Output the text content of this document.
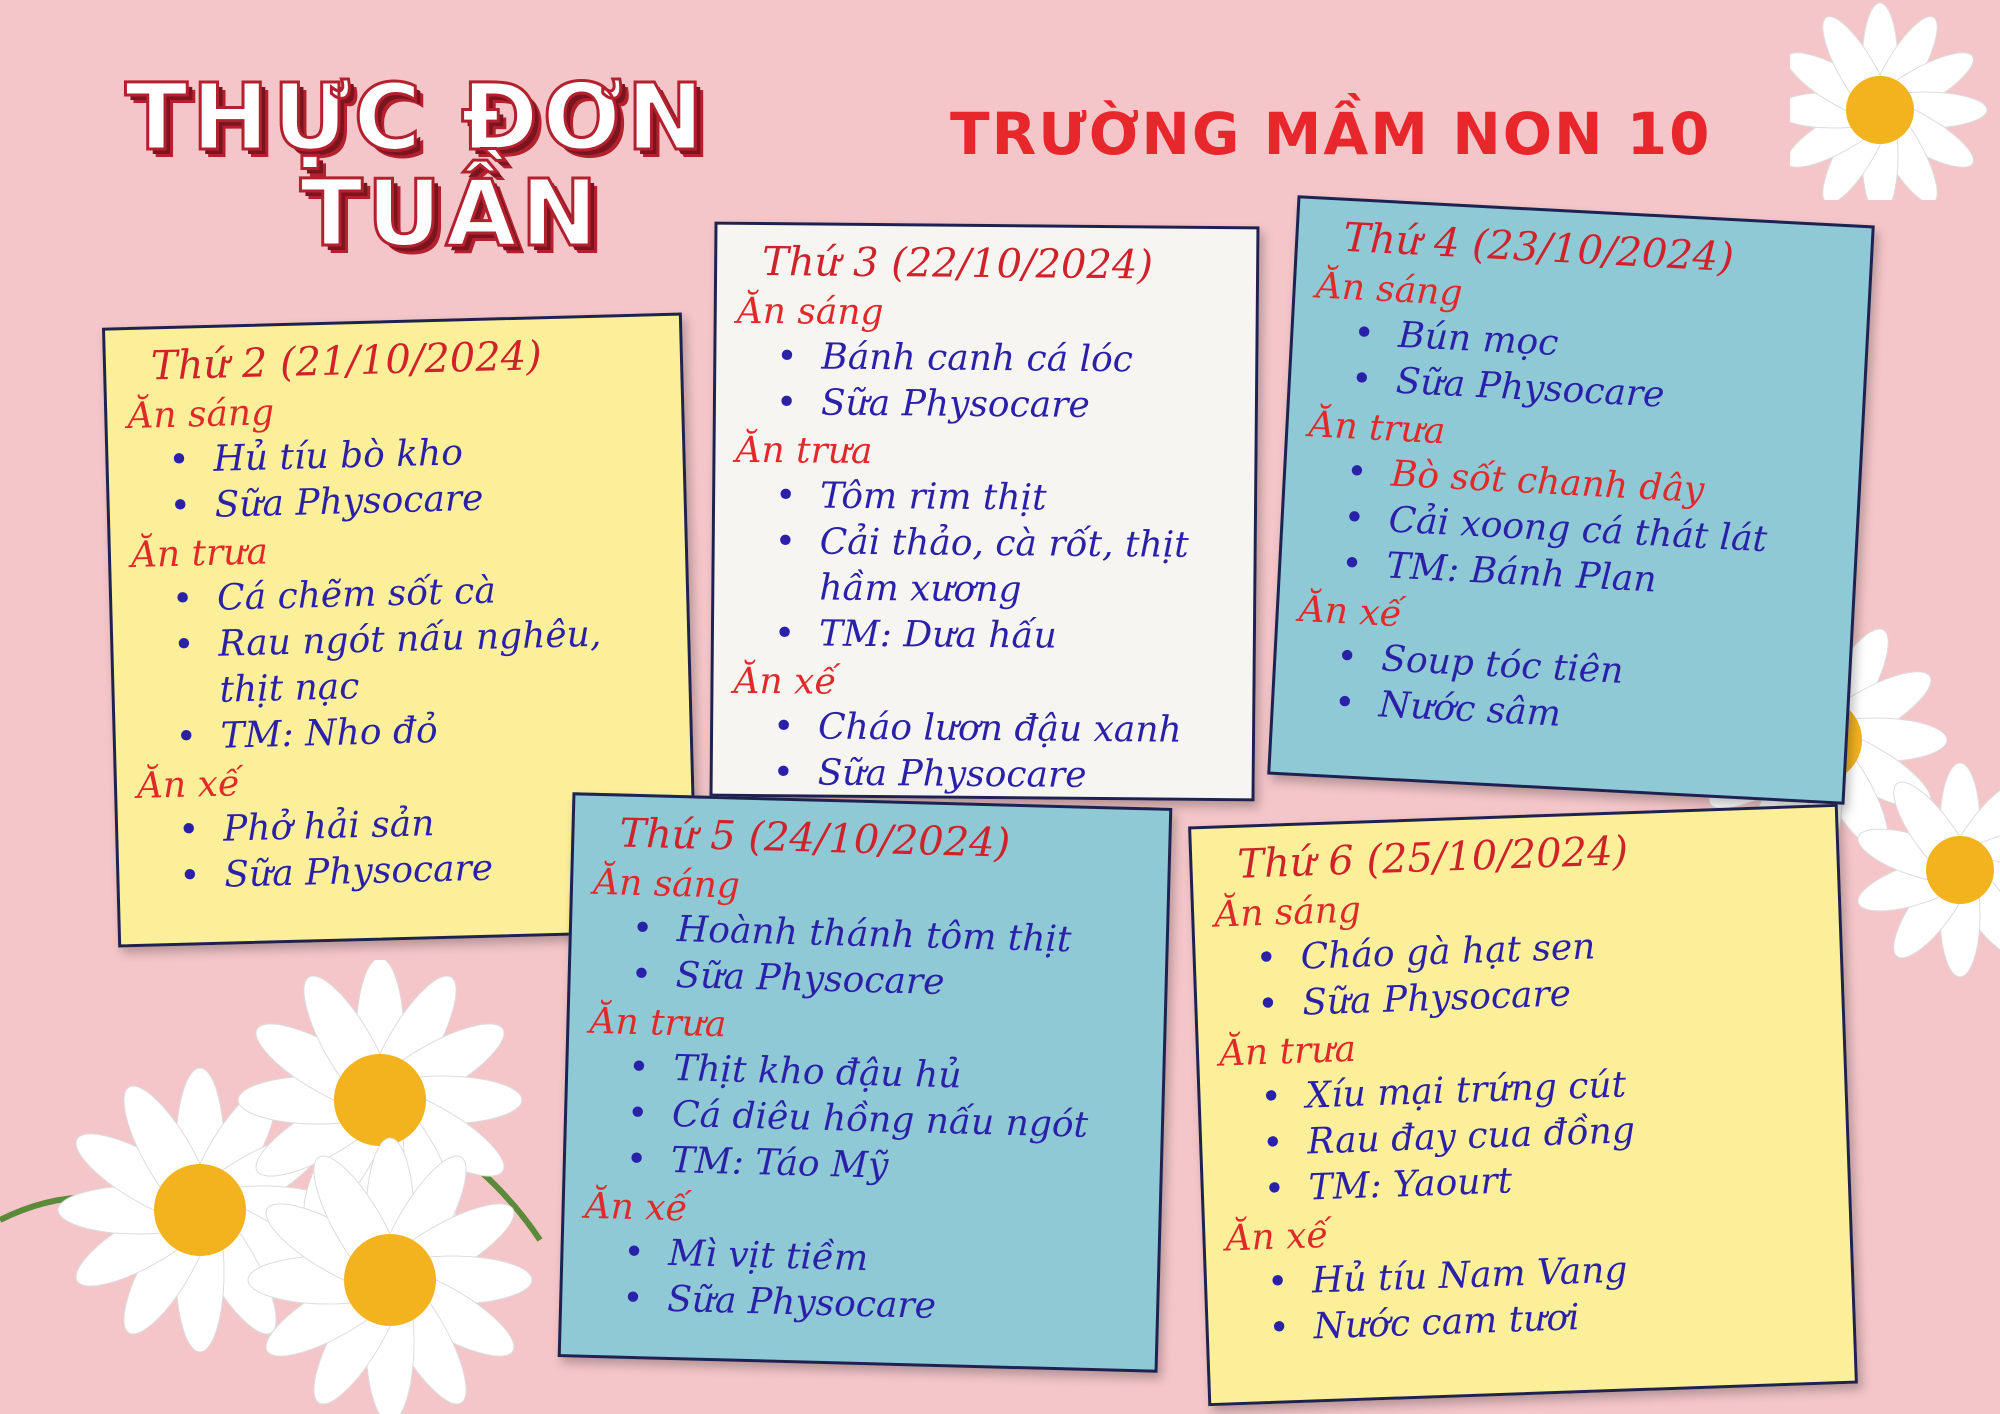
THỰC ĐƠN
TUẦN
TRƯỜNG MẦM NON 10
Thứ 2 (21/10/2024)
Ăn sáng
• Hủ tíu bò kho
• Sữa Physocare
Ăn trưa
• Cá chẽm sốt cà
• Rau ngót nấu nghêu, thịt nạc
• TM: Nho đỏ
Ăn xế
• Phở hải sản
• Sữa Physocare
Thứ 3 (22/10/2024)
Ăn sáng
• Bánh canh cá lóc
• Sữa Physocare
Ăn trưa
• Tôm rim thịt
• Cải thảo, cà rốt, thịt hầm xương
• TM: Dưa hấu
Ăn xế
• Cháo lươn đậu xanh
• Sữa Physocare
Thứ 4 (23/10/2024)
Ăn sáng
• Bún mọc
• Sữa Physocare
Ăn trưa
• Bò sốt chanh dây
• Cải xoong cá thát lát
• TM: Bánh Plan
Ăn xế
• Soup tóc tiên
• Nước sâm
Thứ 5 (24/10/2024)
Ăn sáng
• Hoành thánh tôm thịt
• Sữa Physocare
Ăn trưa
• Thịt kho đậu hủ
• Cá diêu hồng nấu ngót
• TM: Táo Mỹ
Ăn xế
• Mì vịt tiềm
• Sữa Physocare
Thứ 6 (25/10/2024)
Ăn sáng
• Cháo gà hạt sen
• Sữa Physocare
Ăn trưa
• Xíu mại trứng cút
• Rau đay cua đồng
• TM: Yaourt
Ăn xế
• Hủ tíu Nam Vang
• Nước cam tươi
